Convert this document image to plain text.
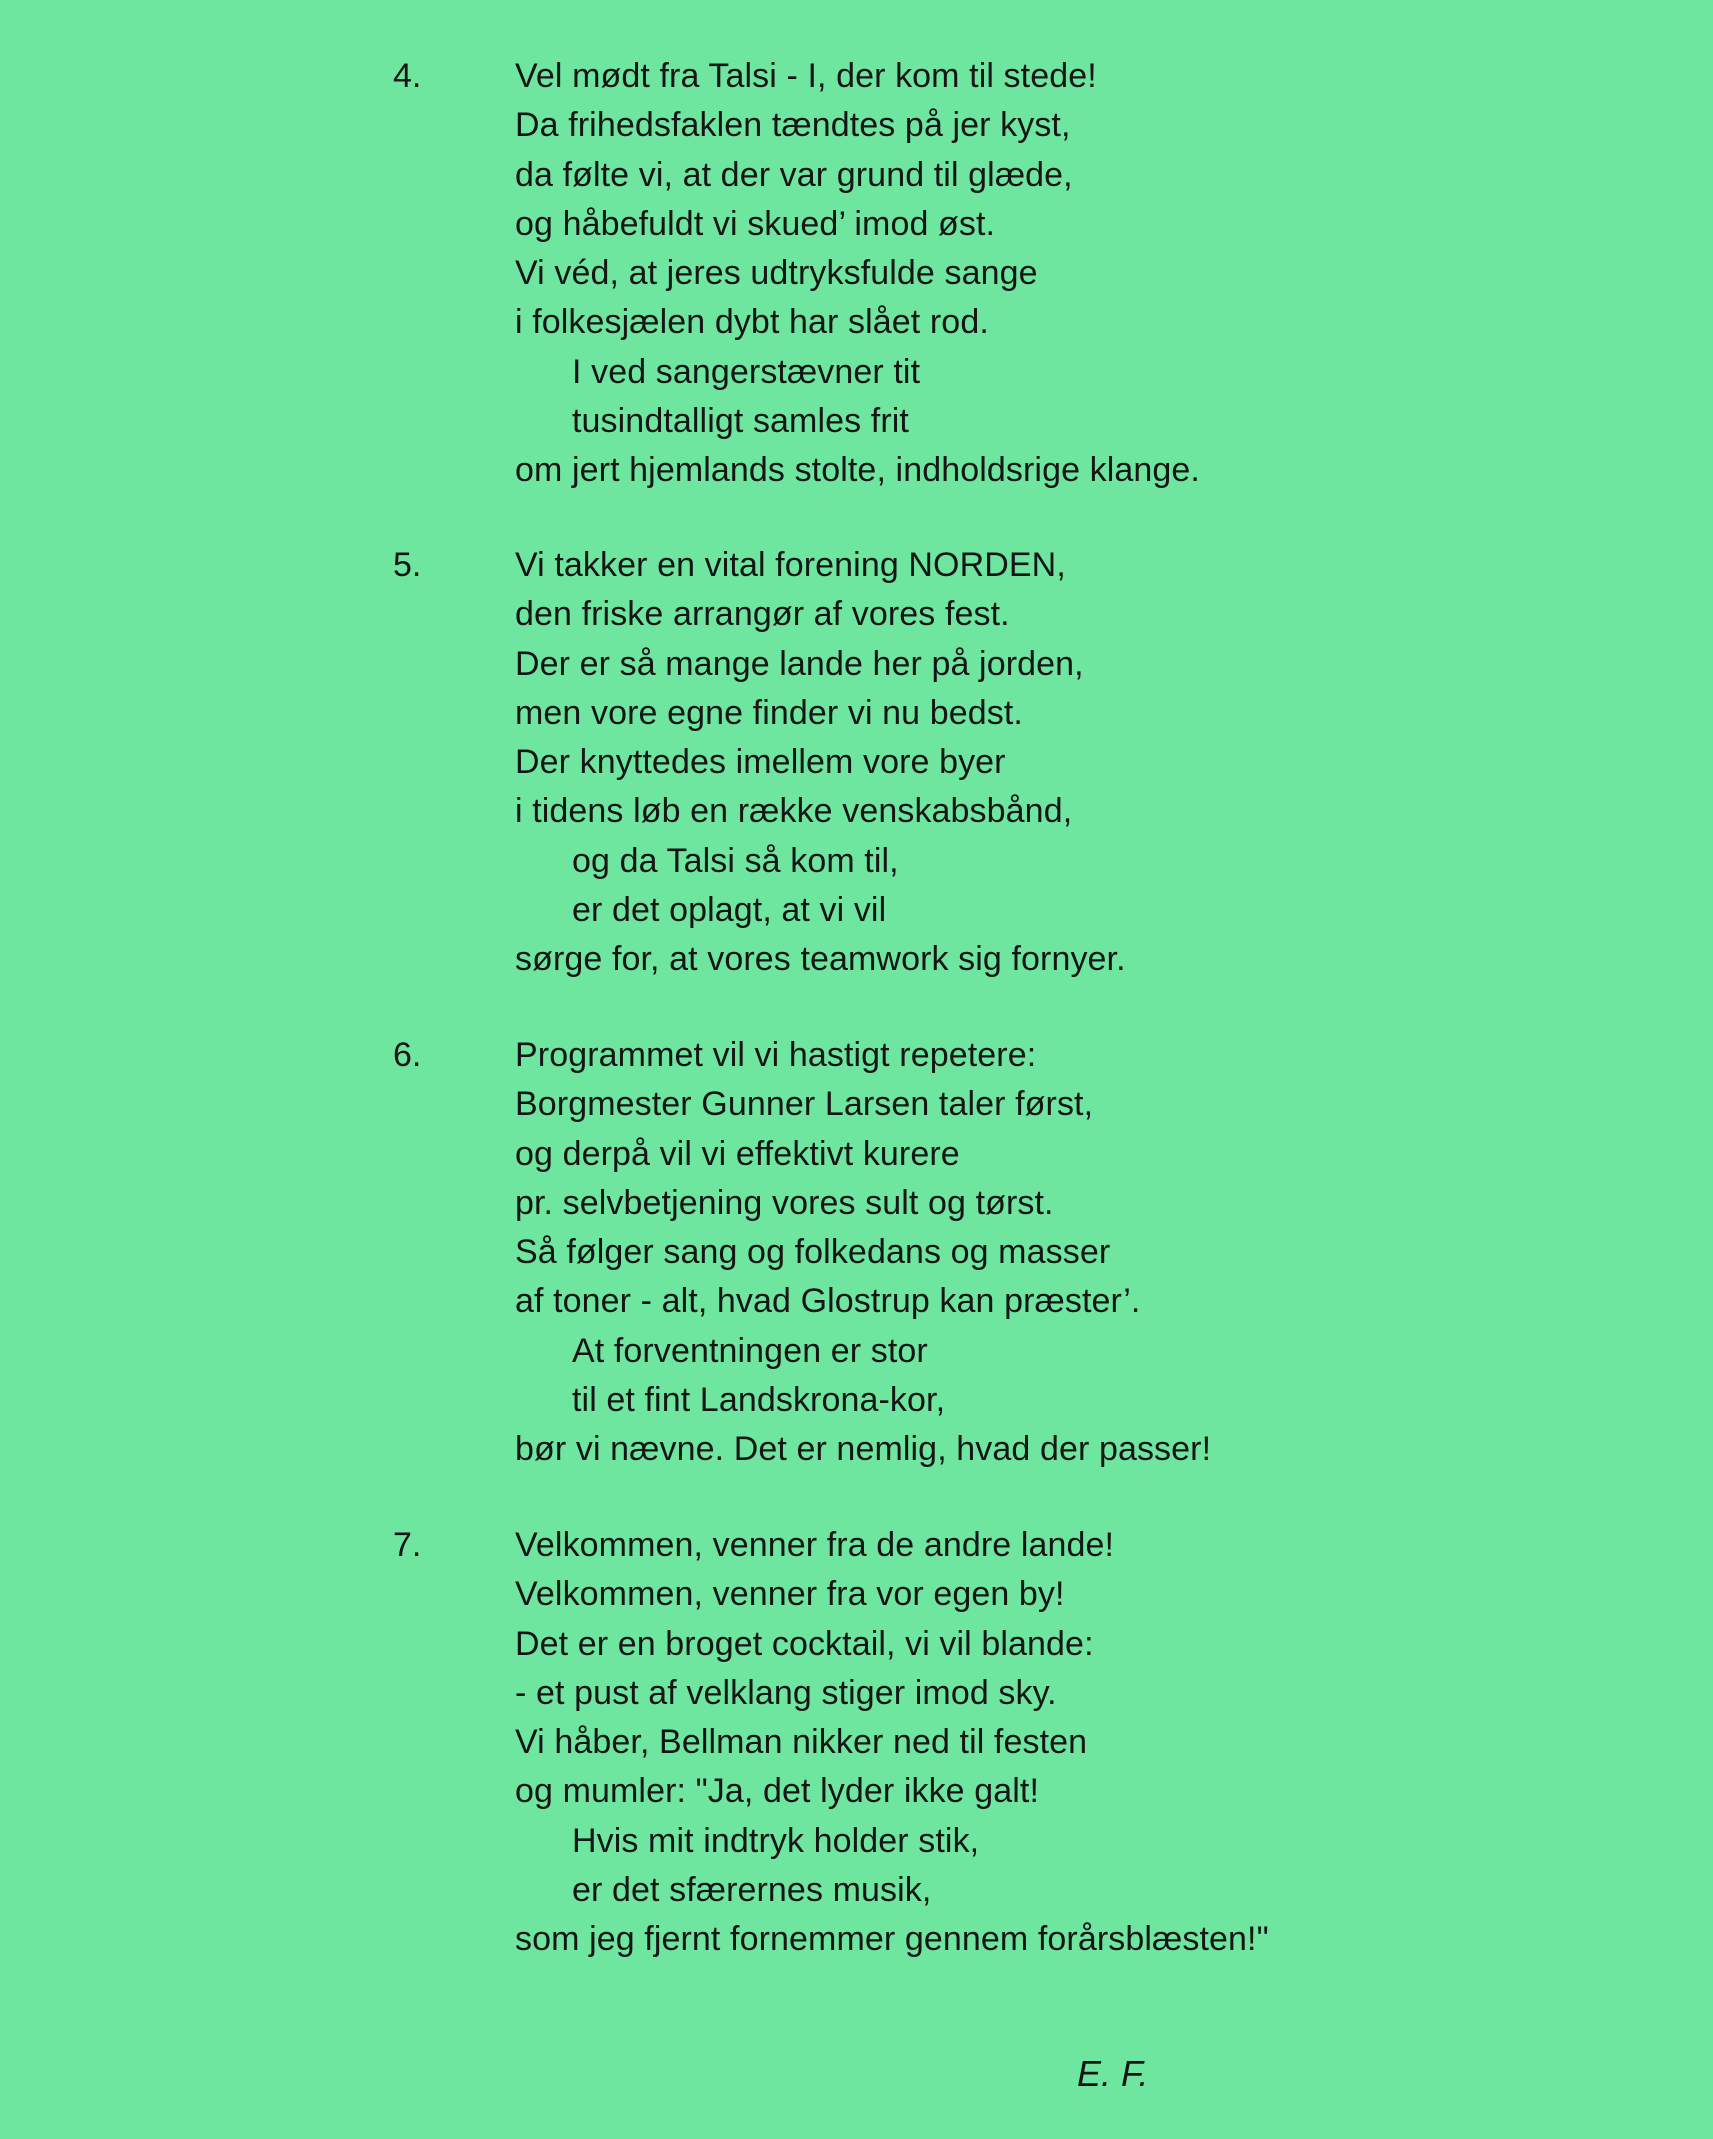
4.	Vel mødt fra Talsi - I, der kom til stede!
Da frihedsfaklen tændtes på jer kyst,
da følte vi, at der var grund til glæde,
og håbefuldt vi skued’ imod øst.
Vi véd, at jeres udtryksfulde sange
i folkesjælen dybt har slået rod.
I ved sangerstævner tit
tusindtalligt samles frit
om jert hjemlands stolte, indholdsrige klange.
5.	Vi takker en vital forening NORDEN,
den friske arrangør af vores fest.
Der er så mange lande her på jorden,
men vore egne finder vi nu bedst.
Der knyttedes imellem vore byer
i tidens løb en række venskabsbånd,
og da Talsi så kom til,
er det oplagt, at vi vil
sørge for, at vores teamwork sig fornyer.
6.	Programmet vil vi hastigt repetere:
Borgmester Gunner Larsen taler først,
og derpå vil vi effektivt kurere
pr. selvbetjening vores sult og tørst.
Så følger sang og folkedans og masser
af toner - alt, hvad Glostrup kan præster’.
At forventningen er stor
til et fint Landskrona-kor,
bør vi nævne. Det er nemlig, hvad der passer!
7.	Velkommen, venner fra de andre lande!
Velkommen, venner fra vor egen by!
Det er en broget cocktail, vi vil blande:
- et pust af velklang stiger imod sky.
Vi håber, Bellman nikker ned til festen
og mumler: "Ja, det lyder ikke galt!
Hvis mit indtryk holder stik,
er det sfærernes musik,
som jeg fjernt fornemmer gennem forårsblæsten!"
E. F.
